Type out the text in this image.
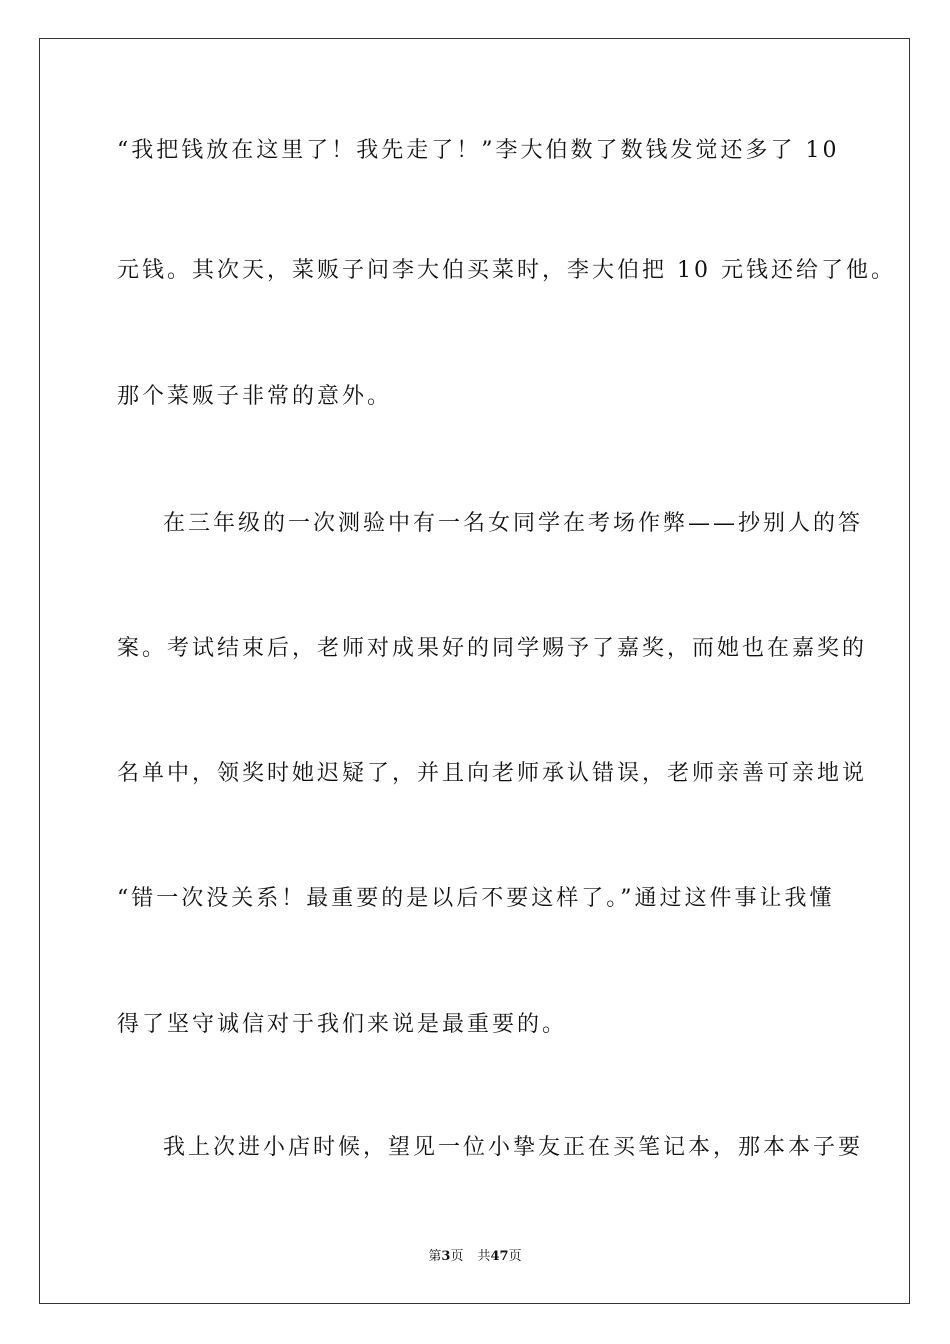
“我把钱放在这里了！我先走了！”李大伯数了数钱发觉还多了 10
元钱。其次天，菜贩子问李大伯买菜时，李大伯把 10 元钱还给了他。
那个菜贩子非常的意外。
在三年级的一次测验中有一名女同学在考场作弊——抄别人的答
案。考试结束后，老师对成果好的同学赐予了嘉奖，而她也在嘉奖的
名单中，领奖时她迟疑了，并且向老师承认错误，老师亲善可亲地说
“错一次没关系！最重要的是以后不要这样了。”通过这件事让我懂
得了坚守诚信对于我们来说是最重要的。
我上次进小店时候，望见一位小挚友正在买笔记本，那本本子要
第3页 共47页
